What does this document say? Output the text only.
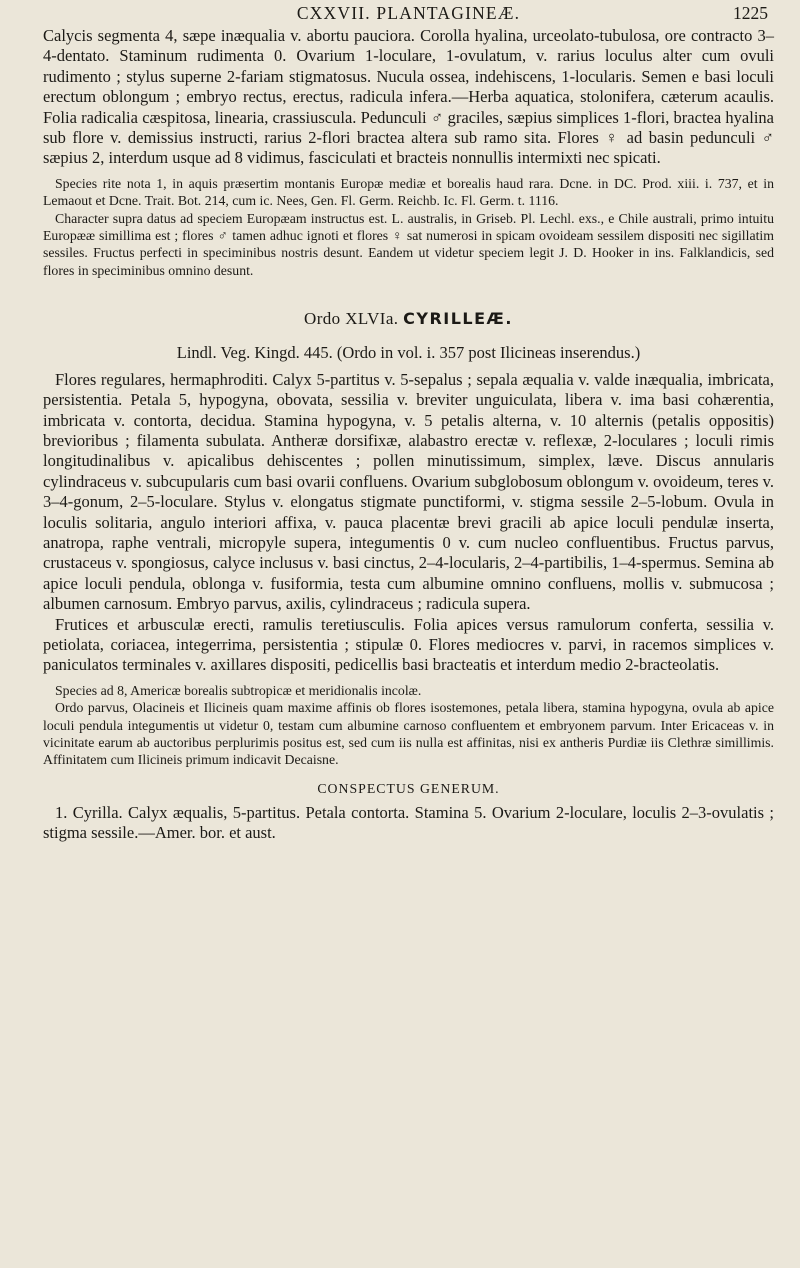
CXXVII. PLANTAGINEÆ.	1225

Calycis segmenta 4, sæpe inæqualia v. abortu pauciora. Corolla hyalina, urceolato-tubulosa, ore contracto 3–4-dentato. Staminum rudimenta 0. Ovarium 1-loculare, 1-ovulatum, v. rarius loculus alter cum ovuli rudimento ; stylus superne 2-fariam stigmatosus. Nucula ossea, indehiscens, 1-locularis. Semen e basi loculi erectum oblongum ; embryo rectus, erectus, radicula infera.—Herba aquatica, stolonifera, cæterum acaulis. Folia radicalia cæspitosa, linearia, crassiuscula. Pedunculi ♂ graciles, sæpius simplices 1-flori, bractea hyalina sub flore v. demissius instructi, rarius 2-flori bractea altera sub ramo sita. Flores ♀ ad basin pedunculi ♂ sæpius 2, interdum usque ad 8 vidimus, fasciculati et bracteis nonnullis intermixti nec spicati.

Species rite nota 1, in aquis præsertim montanis Europæ mediæ et borealis haud rara. Dcne. in DC. Prod. xiii. i. 737, et in Lemaout et Dcne. Trait. Bot. 214, cum ic. Nees, Gen. Fl. Germ. Reichb. Ic. Fl. Germ. t. 1116.

Character supra datus ad speciem Europæam instructus est. L. australis, in Griseb. Pl. Lechl. exs., e Chile australi, primo intuitu Europææ simillima est ; flores ♂ tamen adhuc ignoti et flores ♀ sat numerosi in spicam ovoideam sessilem dispositi nec sigillatim sessiles. Fructus perfecti in speciminibus nostris desunt. Eandem ut videtur speciem legit J. D. Hooker in ins. Falklandicis, sed flores in speciminibus omnino desunt.

Ordo XLVIa. CYRILLEÆ.

Lindl. Veg. Kingd. 445. (Ordo in vol. i. 357 post Ilicineas inserendus.)

Flores regulares, hermaphroditi. Calyx 5-partitus v. 5-sepalus ; sepala æqualia v. valde inæqualia, imbricata, persistentia. Petala 5, hypogyna, obovata, sessilia v. breviter unguiculata, libera v. ima basi cohærentia, imbricata v. contorta, decidua. Stamina hypogyna, v. 5 petalis alterna, v. 10 alternis (petalis oppositis) brevioribus ; filamenta subulata. Antheræ dorsifixæ, alabastro erectæ v. reflexæ, 2-loculares ; loculi rimis longitudinalibus v. apicalibus dehiscentes ; pollen minutissimum, simplex, læve. Discus annularis cylindraceus v. subcupularis cum basi ovarii confluens. Ovarium subglobosum oblongum v. ovoideum, teres v. 3–4-gonum, 2–5-loculare. Stylus v. elongatus stigmate punctiformi, v. stigma sessile 2–5-lobum. Ovula in loculis solitaria, angulo interiori affixa, v. pauca placentæ brevi gracili ab apice loculi pendulæ inserta, anatropa, raphe ventrali, micropyle supera, integumentis 0 v. cum nucleo confluentibus. Fructus parvus, crustaceus v. spongiosus, calyce inclusus v. basi cinctus, 2–4-locularis, 2–4-partibilis, 1–4-spermus. Semina ab apice loculi pendula, oblonga v. fusiformia, testa cum albumine omnino confluens, mollis v. submucosa ; albumen carnosum. Embryo parvus, axilis, cylindraceus ; radicula supera.

Frutices et arbusculæ erecti, ramulis teretiusculis. Folia apices versus ramulorum conferta, sessilia v. petiolata, coriacea, integerrima, persistentia ; stipulæ 0. Flores mediocres v. parvi, in racemos simplices v. paniculatos terminales v. axillares dispositi, pedicellis basi bracteatis et interdum medio 2-bracteolatis.

Species ad 8, Americæ borealis subtropicæ et meridionalis incolæ.

Ordo parvus, Olacineis et Ilicineis quam maxime affinis ob flores isostemones, petala libera, stamina hypogyna, ovula ab apice loculi pendula integumentis ut videtur 0, testam cum albumine carnoso confluentem et embryonem parvum. Inter Ericaceas v. in vicinitate earum ab auctoribus perplurimis positus est, sed cum iis nulla est affinitas, nisi ex antheris Purdiæ iis Clethræ simillimis. Affinitatem cum Ilicineis primum indicavit Decaisne.

CONSPECTUS GENERUM.

1. Cyrilla. Calyx æqualis, 5-partitus. Petala contorta. Stamina 5. Ovarium 2-loculare, loculis 2–3-ovulatis ; stigma sessile.—Amer. bor. et aust.
